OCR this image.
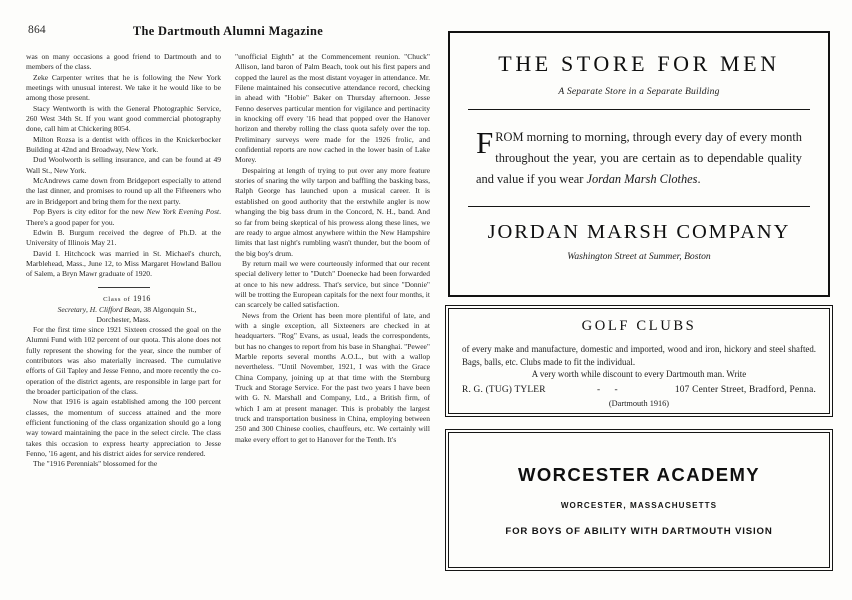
864	The Dartmouth Alumni Magazine

was on many occasions a good friend to Dartmouth and to members of the class.

Zeke Carpenter writes that he is following the New York meetings with unusual interest. We take it he would like to be among those present.

Stacy Wentworth is with the General Photographic Service, 260 West 34th St. If you want good commercial photography done, call him at Chickering 8054.

Milton Rozsa is a dentist with offices in the Knickerbocker Building at 42nd and Broadway, New York.

Dud Woolworth is selling insurance, and can be found at 49 Wall St., New York.

McAndrews came down from Bridgeport especially to attend the last dinner, and promises to round up all the Fifteeners who are in Bridgeport and bring them for the next party.

Pop Byers is city editor for the new New York Evening Post. There's a good paper for you.

Edwin B. Burgum received the degree of Ph.D. at the University of Illinois May 21.

David I. Hitchcock was married in St. Michael's church, Marblehead, Mass., June 12, to Miss Margaret Howland Ballou of Salem, a Bryn Mawr graduate of 1920.

Class of 1916

Secretary, H. Clifford Bean, 38 Algonquin St.,
Dorchester, Mass.

For the first time since 1921 Sixteen crossed the goal on the Alumni Fund with 102 percent of our quota. This alone does not fully represent the showing for the year, since the number of contributors was also materially increased. The cumulative efforts of Gil Tapley and Jesse Fenno, and more recently the co-operation of the district agents, are responsible in large part for the broader participation of the class.

Now that 1916 is again established among the 100 percent classes, the momentum of success attained and the more efficient functioning of the class organization should go a long way toward maintaining the pace in the select circle. The class takes this occasion to express hearty appreciation to Jesse Fenno, '16 agent, and his district aides for service rendered.

The "1916 Perennials" blossomed for the

"unofficial Eighth" at the Commencement reunion. "Chuck" Allison, land baron of Palm Beach, took out his first papers and copped the laurel as the most distant voyager in attendance. Mr. Filene maintained his consecutive attendance record, checking in ahead with "Hobie" Baker on Thursday afternoon. Jesse Fenno deserves particular mention for vigilance and pertinacity in knocking off every '16 head that popped over the Hanover horizon and thereby rolling the class quota safely over the top. Preliminary surveys were made for the 1926 frolic, and confidential reports are now cached in the lower basin of Lake Morey.

Despairing at length of trying to put over any more feature stories of snaring the wily tarpon and baffling the basking bass, Ralph George has launched upon a musical career. It is established on good authority that the erstwhile angler is now whanging the big bass drum in the Concord, N. H., band. And so far from being skeptical of his prowess along these lines, we are ready to argue almost anywhere within the New Hampshire limits that last night's rumbling wasn't thunder, but the boom of the big boy's drum.

By return mail we were courteously informed that our recent special delivery letter to "Dutch" Doenecke had been forwarded at once to his new address. That's service, but since "Donnie" will be trotting the European capitals for the next four months, it can scarcely be called satisfaction.

News from the Orient has been more plentiful of late, and with a single exception, all Sixteeners are checked in at headquarters. "Rog" Evans, as usual, leads the correspondents, but has no changes to report from his base in Shanghai. "Pewee" Marble reports several months A.O.L., but with a wallop nevertheless. "Until November, 1921, I was with the Grace China Company, joining up at that time with the Sternburg Truck and Storage Service. For the past two years I have been with G. N. Marshall and Company, Ltd., a British firm, of which I am at present manager. This is probably the largest truck and transportation business in China, employing between 250 and 300 Chinese coolies, chauffeurs, etc. We certainly will make every effort to get to Hanover for the Tenth. It's

THE STORE FOR MEN
A Separate Store in a Separate Building
FROM morning to morning, through every day of every month throughout the year, you are certain as to dependable quality and value if you wear Jordan Marsh Clothes.
JORDAN MARSH COMPANY
Washington Street at Summer, Boston
GOLF CLUBS
of every make and manufacture, domestic and imported, wood and iron, hickory and steel shafted. Bags, balls, etc. Clubs made to fit the individual.
A very worth while discount to every Dartmouth man. Write
R. G. (TUG) TYLER	- -	107 Center Street, Bradford, Penna.
(Dartmouth 1916)
WORCESTER ACADEMY
WORCESTER, MASSACHUSETTS
FOR BOYS OF ABILITY WITH DARTMOUTH VISION
